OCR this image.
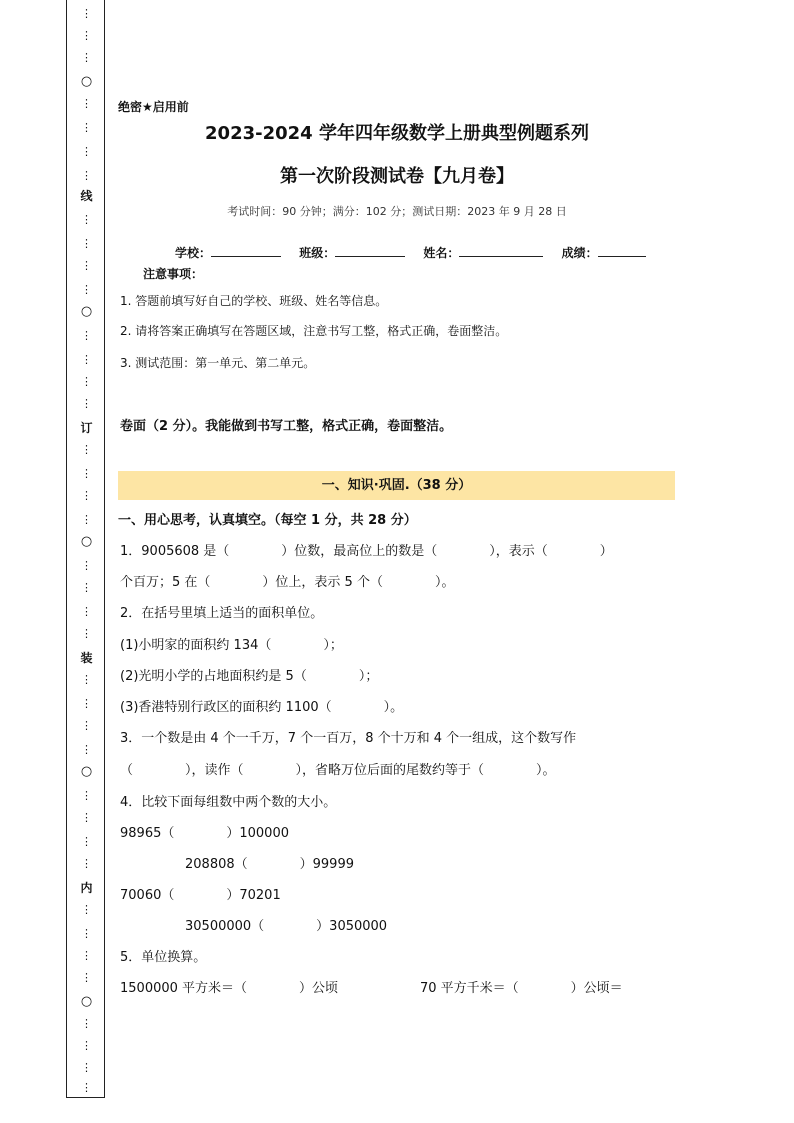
⋮
⋮
⋮
○
⋮
⋮
⋮
⋮
线
⋮
⋮
⋮
⋮
○
⋮
⋮
⋮
⋮
订
⋮
⋮
⋮
⋮
○
⋮
⋮
⋮
⋮
装
⋮
⋮
⋮
⋮
○
⋮
⋮
⋮
⋮
内
⋮
⋮
⋮
⋮
○
⋮
⋮
⋮
⋮
绝密★启用前
2023-2024 学年四年级数学上册典型例题系列
第一次阶段测试卷【九月卷】
考试时间：90 分钟；满分：102 分；测试日期：2023 年 9 月 28 日
学校：	班级：	姓名：	成绩：
注意事项：
1. 答题前填写好自己的学校、班级、姓名等信息。
2. 请将答案正确填写在答题区域，注意书写工整，格式正确，卷面整洁。
3. 测试范围：第一单元、第二单元。
卷面（2 分）。我能做到书写工整，格式正确，卷面整洁。
一、知识·巩固.（38 分）
一、用心思考，认真填空。（每空 1 分，共 28 分）
1．9005608 是（　　　　）位数，最高位上的数是（　　　　），表示（　　　　）
个百万；5 在（　　　　）位上，表示 5 个（　　　　）。
2．在括号里填上适当的面积单位。
(1)小明家的面积约 134（　　　　）；
(2)光明小学的占地面积约是 5（　　　　）；
(3)香港特别行政区的面积约 1100（　　　　）。
3．一个数是由 4 个一千万，7 个一百万，8 个十万和 4 个一组成，这个数写作
（　　　　），读作（　　　　），省略万位后面的尾数约等于（　　　　）。
4．比较下面每组数中两个数的大小。
98965（　　　　）100000
208808（　　　　）99999
70060（　　　　）70201
30500000（　　　　）3050000
5．单位换算。
1500000 平方米＝（　　　　）公顷	70 平方千米＝（　　　　）公顷＝
